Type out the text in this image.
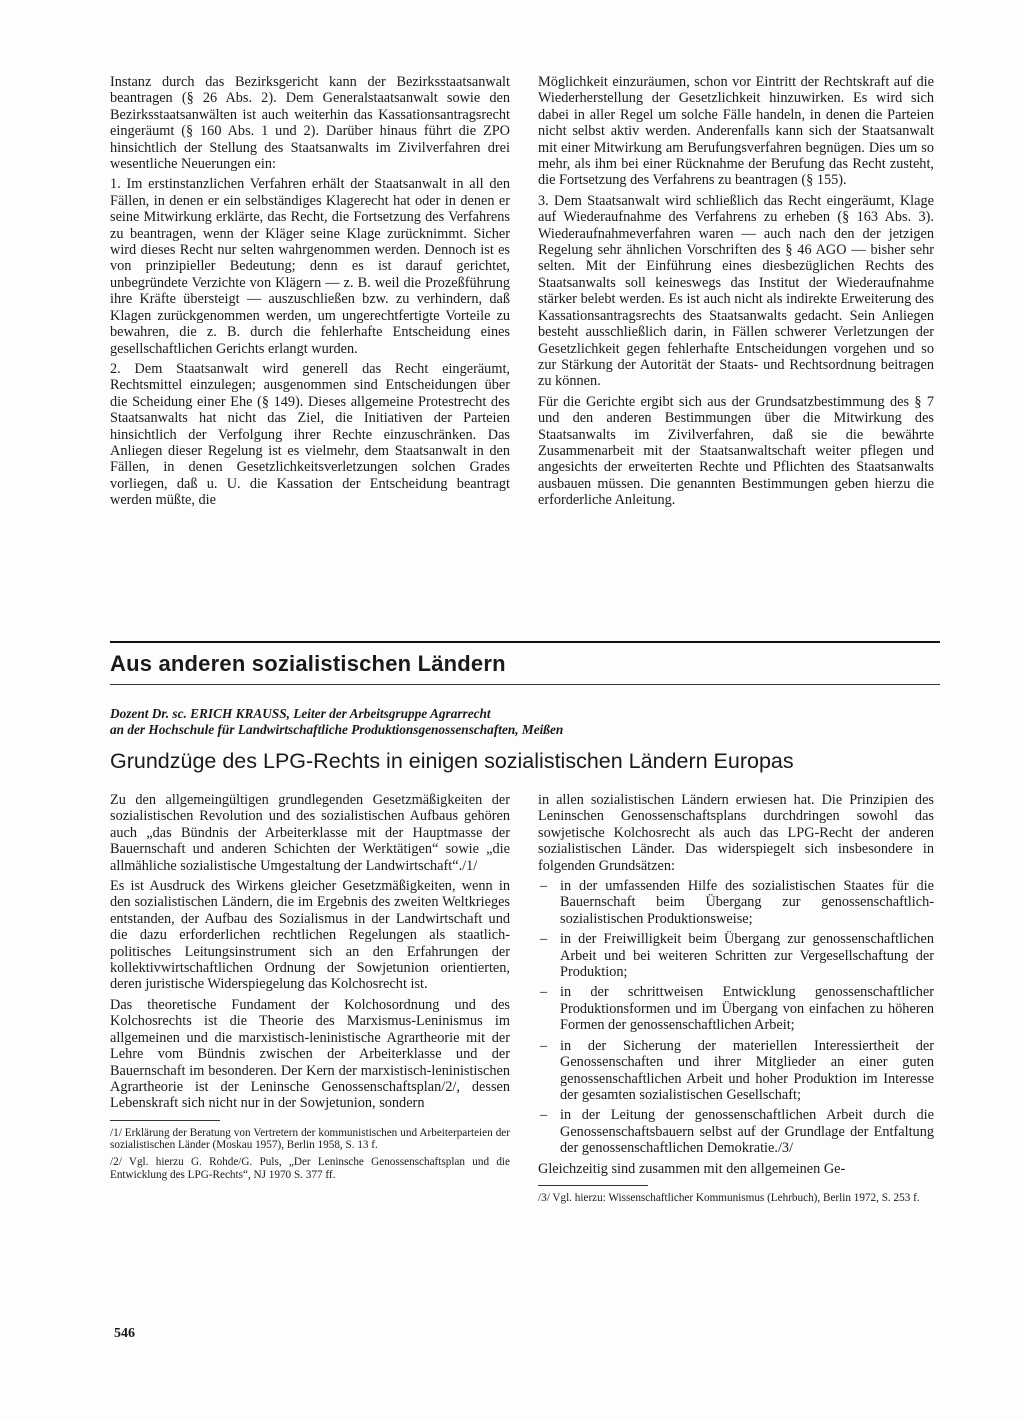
Instanz durch das Bezirksgericht kann der Bezirksstaatsanwalt beantragen (§ 26 Abs. 2). Dem Generalstaatsanwalt sowie den Bezirksstaatsanwälten ist auch weiterhin das Kassationsantragsrecht eingeräumt (§ 160 Abs. 1 und 2). Darüber hinaus führt die ZPO hinsichtlich der Stellung des Staatsanwalts im Zivilverfahren drei wesentliche Neuerungen ein:

1. Im erstinstanzlichen Verfahren erhält der Staatsanwalt in all den Fällen, in denen er ein selbständiges Klagerecht hat oder in denen er seine Mitwirkung erklärte, das Recht, die Fortsetzung des Verfahrens zu beantragen, wenn der Kläger seine Klage zurücknimmt. Sicher wird dieses Recht nur selten wahrgenommen werden. Dennoch ist es von prinzipieller Bedeutung; denn es ist darauf gerichtet, unbegründete Verzichte von Klägern — z. B. weil die Prozeßführung ihre Kräfte übersteigt — auszuschließen bzw. zu verhindern, daß Klagen zurückgenommen werden, um ungerechtfertigte Vorteile zu bewahren, die z. B. durch die fehlerhafte Entscheidung eines gesellschaftlichen Gerichts erlangt wurden.

2. Dem Staatsanwalt wird generell das Recht eingeräumt, Rechtsmittel einzulegen; ausgenommen sind Entscheidungen über die Scheidung einer Ehe (§ 149). Dieses allgemeine Protestrecht des Staatsanwalts hat nicht das Ziel, die Initiativen der Parteien hinsichtlich der Verfolgung ihrer Rechte einzuschränken. Das Anliegen dieser Regelung ist es vielmehr, dem Staatsanwalt in den Fällen, in denen Gesetzlichkeitsverletzungen solchen Grades vorliegen, daß u. U. die Kassation der Entscheidung beantragt werden müßte, die

Möglichkeit einzuräumen, schon vor Eintritt der Rechtskraft auf die Wiederherstellung der Gesetzlichkeit hinzuwirken. Es wird sich dabei in aller Regel um solche Fälle handeln, in denen die Parteien nicht selbst aktiv werden. Anderenfalls kann sich der Staatsanwalt mit einer Mitwirkung am Berufungsverfahren begnügen. Dies um so mehr, als ihm bei einer Rücknahme der Berufung das Recht zusteht, die Fortsetzung des Verfahrens zu beantragen (§ 155).

3. Dem Staatsanwalt wird schließlich das Recht eingeräumt, Klage auf Wiederaufnahme des Verfahrens zu erheben (§ 163 Abs. 3). Wiederaufnahmeverfahren waren — auch nach den der jetzigen Regelung sehr ähnlichen Vorschriften des § 46 AGO — bisher sehr selten. Mit der Einführung eines diesbezüglichen Rechts des Staatsanwalts soll keineswegs das Institut der Wiederaufnahme stärker belebt werden. Es ist auch nicht als indirekte Erweiterung des Kassationsantragsrechts des Staatsanwalts gedacht. Sein Anliegen besteht ausschließlich darin, in Fällen schwerer Verletzungen der Gesetzlichkeit gegen fehlerhafte Entscheidungen vorgehen und so zur Stärkung der Autorität der Staats- und Rechtsordnung beitragen zu können.

Für die Gerichte ergibt sich aus der Grundsatzbestimmung des § 7 und den anderen Bestimmungen über die Mitwirkung des Staatsanwalts im Zivilverfahren, daß sie die bewährte Zusammenarbeit mit der Staatsanwaltschaft weiter pflegen und angesichts der erweiterten Rechte und Pflichten des Staatsanwalts ausbauen müssen. Die genannten Bestimmungen geben hierzu die erforderliche Anleitung.

Aus anderen sozialistischen Ländern
Dozent Dr. sc. ERICH KRAUSS, Leiter der Arbeitsgruppe Agrarrecht
an der Hochschule für Landwirtschaftliche Produktionsgenossenschaften, Meißen
Grundzüge des LPG-Rechts in einigen sozialistischen Ländern Europas

Zu den allgemeingültigen grundlegenden Gesetzmäßigkeiten der sozialistischen Revolution und des sozialistischen Aufbaus gehören auch „das Bündnis der Arbeiterklasse mit der Hauptmasse der Bauernschaft und anderen Schichten der Werktätigen“ sowie „die allmähliche sozialistische Umgestaltung der Landwirtschaft“./1/

Es ist Ausdruck des Wirkens gleicher Gesetzmäßigkeiten, wenn in den sozialistischen Ländern, die im Ergebnis des zweiten Weltkrieges entstanden, der Aufbau des Sozialismus in der Landwirtschaft und die dazu erforderlichen rechtlichen Regelungen als staatlich-politisches Leitungsinstrument sich an den Erfahrungen der kollektivwirtschaftlichen Ordnung der Sowjetunion orientierten, deren juristische Widerspiegelung das Kolchosrecht ist.

Das theoretische Fundament der Kolchosordnung und des Kolchosrechts ist die Theorie des Marxismus-Leninismus im allgemeinen und die marxistisch-leninistische Agrartheorie mit der Lehre vom Bündnis zwischen der Arbeiterklasse und der Bauernschaft im besonderen. Der Kern der marxistisch-leninistischen Agrartheorie ist der Leninsche Genossenschaftsplan/2/, dessen Lebenskraft sich nicht nur in der Sowjetunion, sondern

/1/ Erklärung der Beratung von Vertretern der kommunistischen und Arbeiterparteien der sozialistischen Länder (Moskau 1957), Berlin 1958, S. 13 f.
/2/ Vgl. hierzu G. Rohde/G. Puls, „Der Leninsche Genossenschaftsplan und die Entwicklung des LPG-Rechts“, NJ 1970 S. 377 ff.

in allen sozialistischen Ländern erwiesen hat. Die Prinzipien des Leninschen Genossenschaftsplans durchdringen sowohl das sowjetische Kolchosrecht als auch das LPG-Recht der anderen sozialistischen Länder. Das widerspiegelt sich insbesondere in folgenden Grundsätzen:

– in der umfassenden Hilfe des sozialistischen Staates für die Bauernschaft beim Übergang zur genossenschaftlich-sozialistischen Produktionsweise;
– in der Freiwilligkeit beim Übergang zur genossenschaftlichen Arbeit und bei weiteren Schritten zur Vergesellschaftung der Produktion;
– in der schrittweisen Entwicklung genossenschaftlicher Produktionsformen und im Übergang von einfachen zu höheren Formen der genossenschaftlichen Arbeit;
– in der Sicherung der materiellen Interessiertheit der Genossenschaften und ihrer Mitglieder an einer guten genossenschaftlichen Arbeit und hoher Produktion im Interesse der gesamten sozialistischen Gesellschaft;
– in der Leitung der genossenschaftlichen Arbeit durch die Genossenschaftsbauern selbst auf der Grundlage der Entfaltung der genossenschaftlichen Demokratie./3/

Gleichzeitig sind zusammen mit den allgemeinen Ge-

/3/ Vgl. hierzu: Wissenschaftlicher Kommunismus (Lehrbuch), Berlin 1972, S. 253 f.
546
